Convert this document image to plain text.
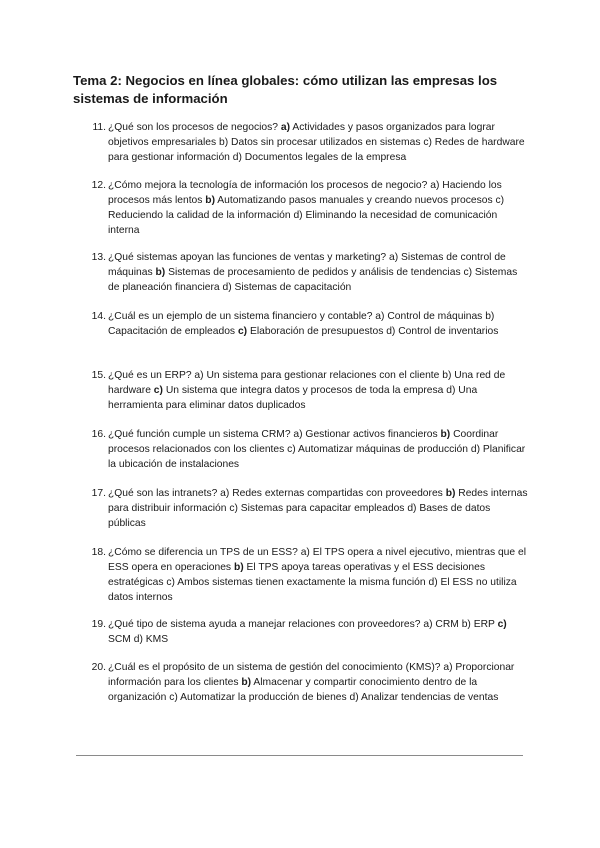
Tema 2: Negocios en línea globales: cómo utilizan las empresas los sistemas de información
11. ¿Qué son los procesos de negocios? a) Actividades y pasos organizados para lograr objetivos empresariales b) Datos sin procesar utilizados en sistemas c) Redes de hardware para gestionar información d) Documentos legales de la empresa
12. ¿Cómo mejora la tecnología de información los procesos de negocio? a) Haciendo los procesos más lentos b) Automatizando pasos manuales y creando nuevos procesos c) Reduciendo la calidad de la información d) Eliminando la necesidad de comunicación interna
13. ¿Qué sistemas apoyan las funciones de ventas y marketing? a) Sistemas de control de máquinas b) Sistemas de procesamiento de pedidos y análisis de tendencias c) Sistemas de planeación financiera d) Sistemas de capacitación
14. ¿Cuál es un ejemplo de un sistema financiero y contable? a) Control de máquinas b) Capacitación de empleados c) Elaboración de presupuestos d) Control de inventarios
15. ¿Qué es un ERP? a) Un sistema para gestionar relaciones con el cliente b) Una red de hardware c) Un sistema que integra datos y procesos de toda la empresa d) Una herramienta para eliminar datos duplicados
16. ¿Qué función cumple un sistema CRM? a) Gestionar activos financieros b) Coordinar procesos relacionados con los clientes c) Automatizar máquinas de producción d) Planificar la ubicación de instalaciones
17. ¿Qué son las intranets? a) Redes externas compartidas con proveedores b) Redes internas para distribuir información c) Sistemas para capacitar empleados d) Bases de datos públicas
18. ¿Cómo se diferencia un TPS de un ESS? a) El TPS opera a nivel ejecutivo, mientras que el ESS opera en operaciones b) El TPS apoya tareas operativas y el ESS decisiones estratégicas c) Ambos sistemas tienen exactamente la misma función d) El ESS no utiliza datos internos
19. ¿Qué tipo de sistema ayuda a manejar relaciones con proveedores? a) CRM b) ERP c) SCM d) KMS
20. ¿Cuál es el propósito de un sistema de gestión del conocimiento (KMS)? a) Proporcionar información para los clientes b) Almacenar y compartir conocimiento dentro de la organización c) Automatizar la producción de bienes d) Analizar tendencias de ventas
